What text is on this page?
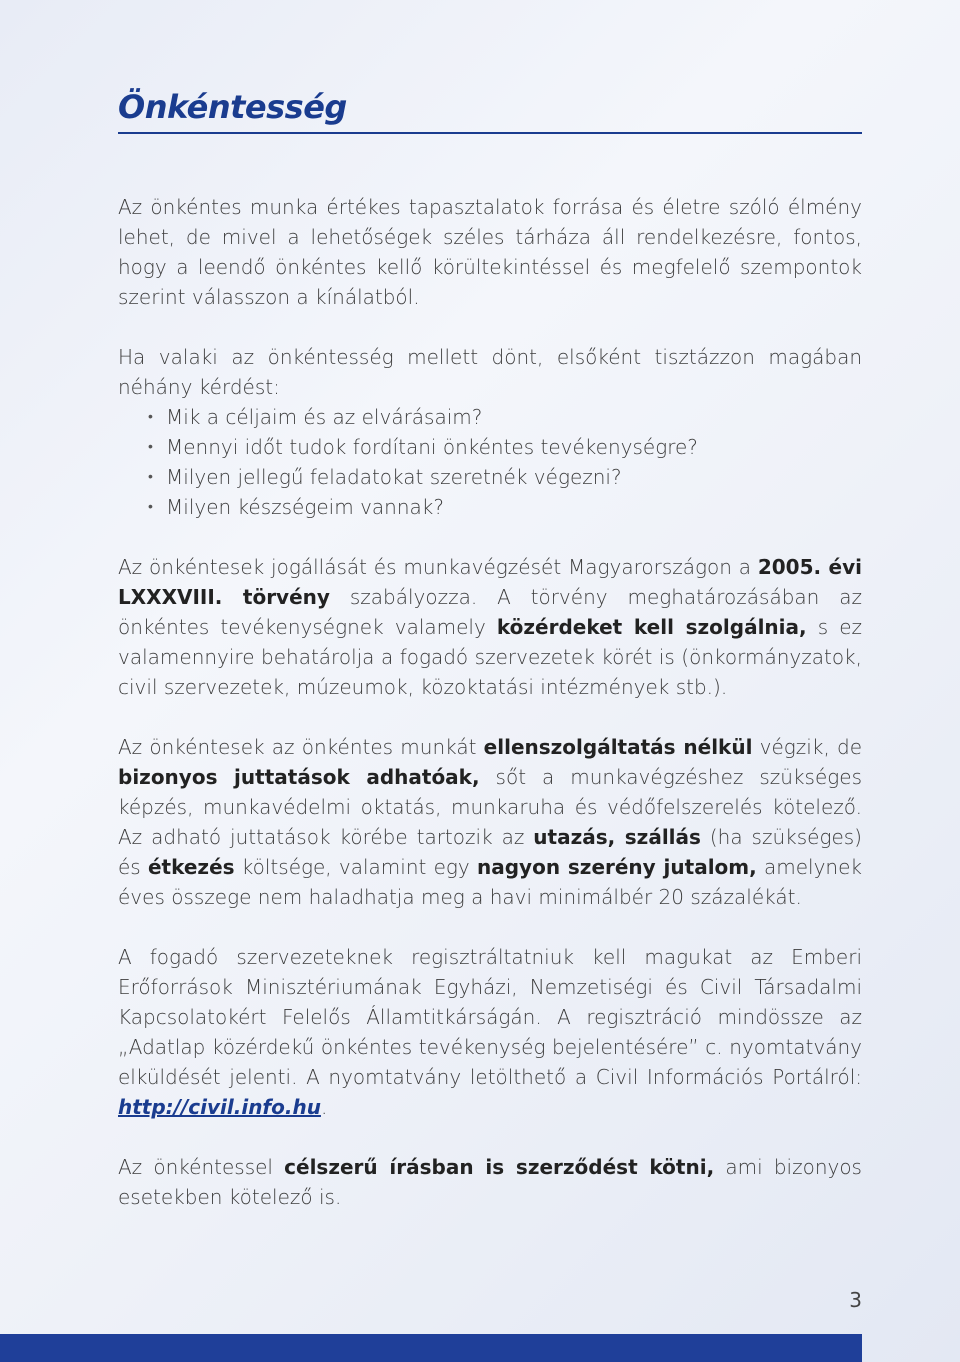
Önkéntesség

Az önkéntes munka értékes tapasztalatok forrása és életre szóló élmény lehet, de mivel a lehetőségek széles tárháza áll rendelkezésre, fontos, hogy a leendő önkéntes kellő körültekintéssel és megfelelő szempontok szerint válasszon a kínálatból.

Ha valaki az önkéntesség mellett dönt, elsőként tisztázzon magában néhány kérdést:

• Mik a céljaim és az elvárásaim?
• Mennyi időt tudok fordítani önkéntes tevékenységre?
• Milyen jellegű feladatokat szeretnék végezni?
• Milyen készségeim vannak?

Az önkéntesek jogállását és munkavégzését Magyarországon a 2005. évi LXXXVIII. törvény szabályozza. A törvény meghatározásában az önkéntes tevékenységnek valamely közérdeket kell szolgálnia, s ez valamennyire behatárolja a fogadó szervezetek körét is (önkormányzatok, civil szervezetek, múzeumok, közoktatási intézmények stb.).

Az önkéntesek az önkéntes munkát ellenszolgáltatás nélkül végzik, de bizonyos juttatások adhatóak, sőt a munkavégzéshez szükséges képzés, munkavédelmi oktatás, munkaruha és védőfelszerelés kötelező. Az adható juttatások körébe tartozik az utazás, szállás (ha szükséges) és étkezés költsége, valamint egy nagyon szerény jutalom, amelynek éves összege nem haladhatja meg a havi minimálbér 20 százalékát.

A fogadó szervezeteknek regisztráltatniuk kell magukat az Emberi Erőforrások Minisztériumának Egyházi, Nemzetiségi és Civil Társadalmi Kapcsolatokért Felelős Államtitkárságán. A regisztráció mindössze az „Adatlap közérdekű önkéntes tevékenység bejelentésére” c. nyomtatvány elküldését jelenti. A nyomtatvány letölthető a Civil Információs Portálról: http://civil.info.hu.

Az önkéntessel célszerű írásban is szerződést kötni, ami bizonyos esetekben kötelező is.

3
